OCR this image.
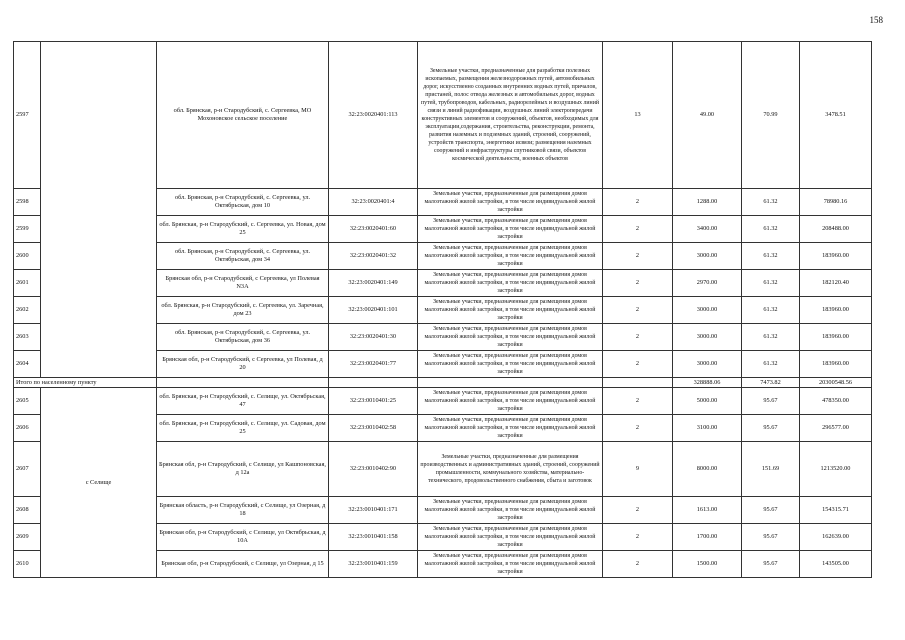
158
2597		обл. Брянская, р-н Стародубский, с. Сергеевка, МО Мохоновское сельское поселение	32:23:0020401:113	Земельные участки, предназначенные для разработки полезных ископаемых, размещения железнодорожных путей, автомобильных дорог, искусственно созданных внутренних водных путей, причалов, пристаней, полос отвода железных и автомобильных дорог, водных путей, трубопроводов, кабельных, радиорелейных и воздушных линий связи и линий радиофикации, воздушных линий электропередачи конструктивных элементов и сооружений, объектов, необходимых для эксплуатации,содержания, строительства, реконструкции, ремонта, развития наземных и подземных зданий, строений, сооружений, устройств транспорта, энергетики исвязи; размещения наземных сооружений и инфраструктуры спутниковой связи, объектов космической деятельности, военных объектов	13	49.00	70.99	3478.51
2598		обл. Брянская, р-н Стародубский, с. Сергеевка, ул. Октябрьская, дом 10	32:23:0020401:4	Земельные участки, предназначенные для размещения домов малоэтажной жилой застройки, в том числе индивидуальной жилой застройки	2	1288.00	61.32	78980.16
2599		обл. Брянская, р-н Стародубский, с. Сергеевка, ул. Новая, дом 25	32:23:0020401:60	Земельные участки, предназначенные для размещения домов малоэтажной жилой застройки, в том числе индивидуальной жилой застройки	2	3400.00	61.32	208488.00
2600		обл. Брянская, р-н Стародубский, с. Сергеевка, ул. Октябрьская, дом 34	32:23:0020401:32	Земельные участки, предназначенные для размещения домов малоэтажной жилой застройки, в том числе индивидуальной жилой застройки	2	3000.00	61.32	183960.00
2601		Брянская обл, р-н Стародубский, с Сергеевка, ул Полевая N3А	32:23:0020401:149	Земельные участки, предназначенные для размещения домов малоэтажной жилой застройки, в том числе индивидуальной жилой застройки	2	2970.00	61.32	182120.40
2602		обл. Брянская, р-н Стародубский, с. Сергеевка, ул. Заречная, дом 23	32:23:0020401:101	Земельные участки, предназначенные для размещения домов малоэтажной жилой застройки, в том числе индивидуальной жилой застройки	2	3000.00	61.32	183960.00
2603		обл. Брянская, р-н Стародубский, с. Сергеевка, ул. Октябрьская, дом 36	32:23:0020401:30	Земельные участки, предназначенные для размещения домов малоэтажной жилой застройки, в том числе индивидуальной жилой застройки	2	3000.00	61.32	183960.00
2604		Брянская обл, р-н Стародубский, с Сергеевка, ул Полевая, д 20	32:23:0020401:77	Земельные участки, предназначенные для размещения домов малоэтажной жилой застройки, в том числе индивидуальной жилой застройки	2	3000.00	61.32	183960.00
Итого по населенному пункту						328888.06	7473.82	20300548.56
2605	с Селище	обл. Брянская, р-н Стародубский, с. Селище, ул. Октябрьская, 47	32:23:0010401:25	Земельные участки, предназначенные для размещения домов малоэтажной жилой застройки, в том числе индивидуальной жилой застройки	2	5000.00	95.67	478350.00
2606		обл. Брянская, р-н Стародубский, с. Селище, ул. Садовая, дом 25	32:23:0010402:58	Земельные участки, предназначенные для размещения домов малоэтажной жилой застройки, в том числе индивидуальной жилой застройки	2	3100.00	95.67	296577.00
2607		Брянская обл, р-н Стародубский, с Селище, ул Кашпоновская, д 12а	32:23:0010402:90	Земельные участки, предназначенные для размещения производственных и административных зданий, строений, сооружений промышленности, коммунального хозяйства, материально-технического, продовольственного снабжения, сбыта и заготовок	9	8000.00	151.69	1213520.00
2608		Брянская область, р-н Стародубский, с Селище, ул Озерная, д 18	32:23:0010401:171	Земельные участки, предназначенные для размещения домов малоэтажной жилой застройки, в том числе индивидуальной жилой застройки	2	1613.00	95.67	154315.71
2609		Брянская обл, р-н Стародубский, с Селище, ул Октябрьская, д 10А	32:23:0010401:158	Земельные участки, предназначенные для размещения домов малоэтажной жилой застройки, в том числе индивидуальной жилой застройки	2	1700.00	95.67	162639.00
2610		Брянская обл, р-н Стародубский, с Селище, ул Озерная, д 15	32:23:0010401:159	Земельные участки, предназначенные для размещения домов малоэтажной жилой застройки, в том числе индивидуальной жилой застройки	2	1500.00	95.67	143505.00
